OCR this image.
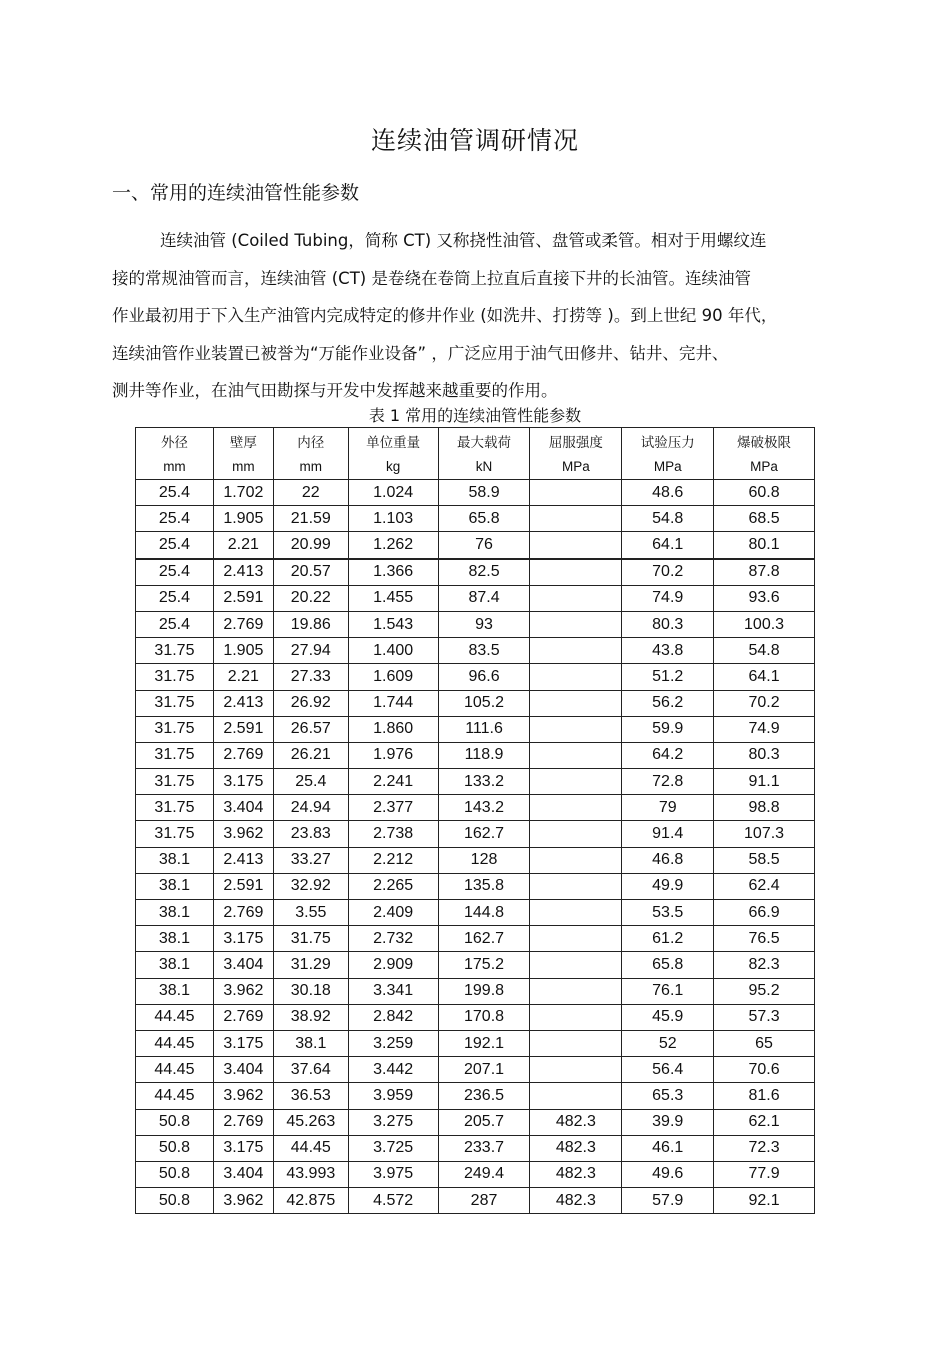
连续油管调研情况
一、常用的连续油管性能参数

连续油管 (Coiled Tubing，简称 CT) 又称挠性油管、盘管或柔管。相对于用螺纹连

接的常规油管而言，连续油管 (CT) 是卷绕在卷筒上拉直后直接下井的长油管。连续油管

作业最初用于下入生产油管内完成特定的修井作业 (如洗井、打捞等 )。到上世纪 90 年代，

连续油管作业装置已被誉为“万能作业设备” ，广泛应用于油气田修井、钻井、完井、

测井等作业，在油气田勘探与开发中发挥越来越重要的作用。

表 1 常用的连续油管性能参数
外径	壁厚	内径	单位重量	最大载荷	屈服强度	试验压力	爆破极限
mm	mm	mm	kg	kN	MPa	MPa	MPa
25.4	1.702	22	1.024	58.9		48.6	60.8
25.4	1.905	21.59	1.103	65.8		54.8	68.5
25.4	2.21	20.99	1.262	76		64.1	80.1
25.4	2.413	20.57	1.366	82.5		70.2	87.8
25.4	2.591	20.22	1.455	87.4		74.9	93.6
25.4	2.769	19.86	1.543	93		80.3	100.3
31.75	1.905	27.94	1.400	83.5		43.8	54.8
31.75	2.21	27.33	1.609	96.6		51.2	64.1
31.75	2.413	26.92	1.744	105.2		56.2	70.2
31.75	2.591	26.57	1.860	111.6		59.9	74.9
31.75	2.769	26.21	1.976	118.9		64.2	80.3
31.75	3.175	25.4	2.241	133.2		72.8	91.1
31.75	3.404	24.94	2.377	143.2		79	98.8
31.75	3.962	23.83	2.738	162.7		91.4	107.3
38.1	2.413	33.27	2.212	128		46.8	58.5
38.1	2.591	32.92	2.265	135.8		49.9	62.4
38.1	2.769	3.55	2.409	144.8		53.5	66.9
38.1	3.175	31.75	2.732	162.7		61.2	76.5
38.1	3.404	31.29	2.909	175.2		65.8	82.3
38.1	3.962	30.18	3.341	199.8		76.1	95.2
44.45	2.769	38.92	2.842	170.8		45.9	57.3
44.45	3.175	38.1	3.259	192.1		52	65
44.45	3.404	37.64	3.442	207.1		56.4	70.6
44.45	3.962	36.53	3.959	236.5		65.3	81.6
50.8	2.769	45.263	3.275	205.7	482.3	39.9	62.1
50.8	3.175	44.45	3.725	233.7	482.3	46.1	72.3
50.8	3.404	43.993	3.975	249.4	482.3	49.6	77.9
50.8	3.962	42.875	4.572	287	482.3	57.9	92.1
